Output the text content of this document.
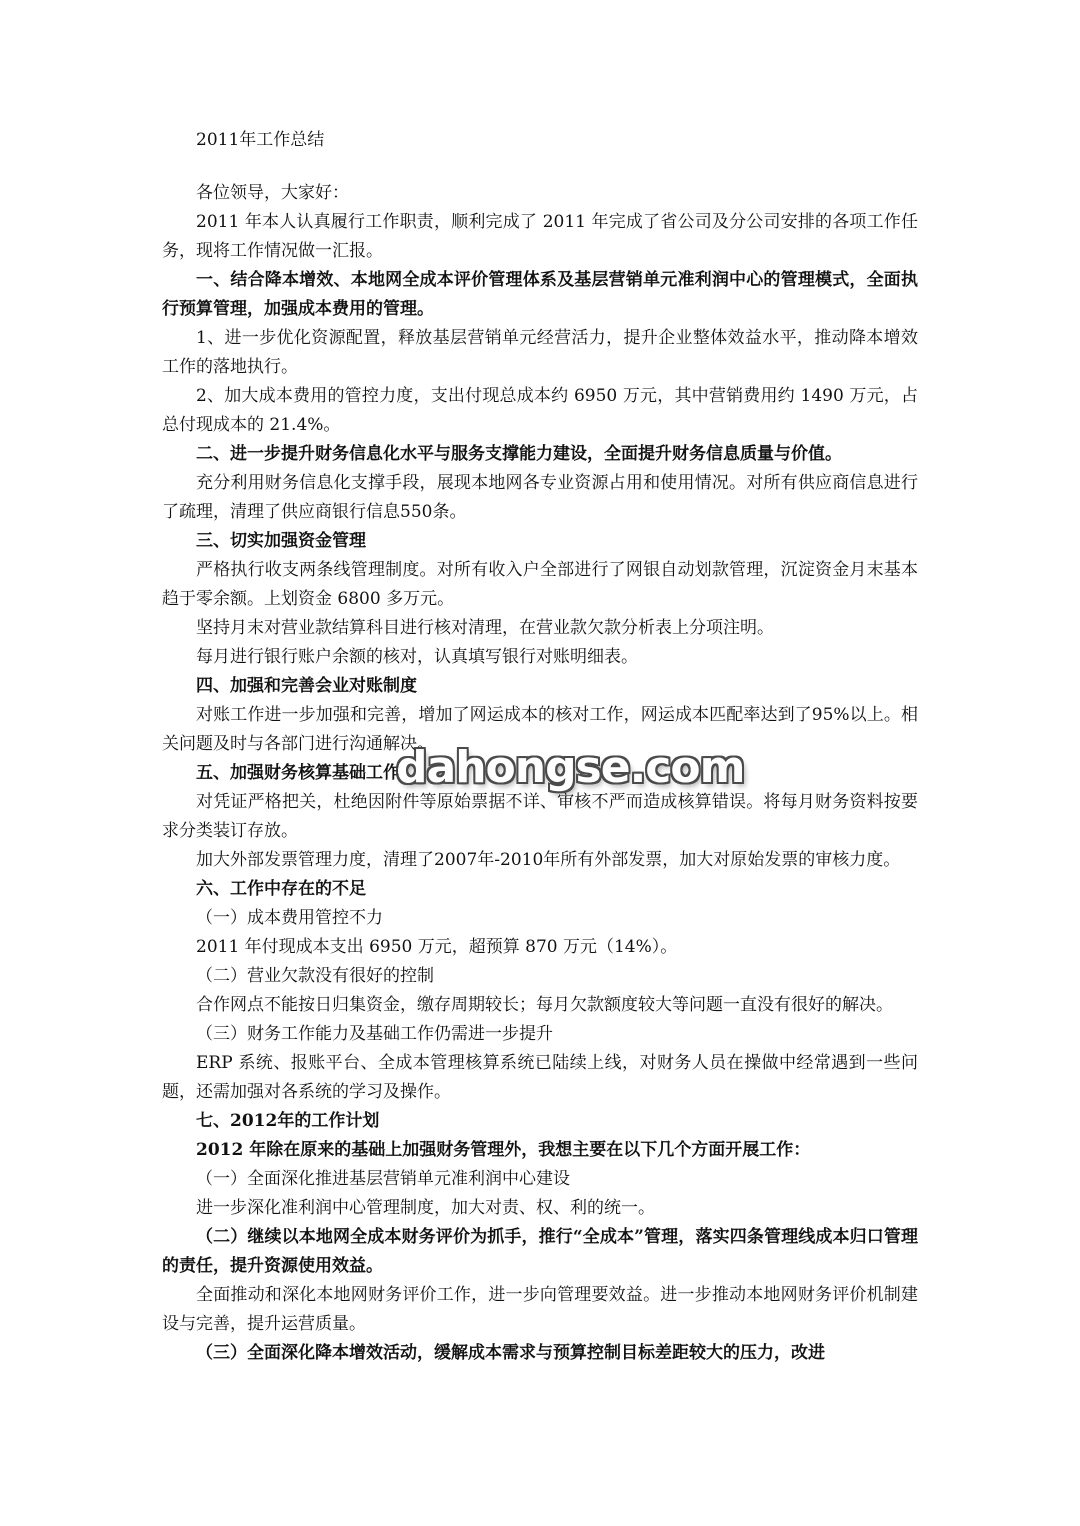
2011年工作总结

各位领导，大家好：

2011 年本人认真履行工作职责，顺利完成了 2011 年完成了省公司及分公司安排的各项工作任务，现将工作情况做一汇报。

一、结合降本增效、本地网全成本评价管理体系及基层营销单元准利润中心的管理模式，全面执行预算管理，加强成本费用的管理。

1、进一步优化资源配置，释放基层营销单元经营活力，提升企业整体效益水平，推动降本增效工作的落地执行。

2、加大成本费用的管控力度，支出付现总成本约 6950 万元，其中营销费用约 1490 万元，占总付现成本的 21.4%。

二、进一步提升财务信息化水平与服务支撑能力建设，全面提升财务信息质量与价值。

充分利用财务信息化支撑手段，展现本地网各专业资源占用和使用情况。对所有供应商信息进行了疏理，清理了供应商银行信息550条。

三、切实加强资金管理

严格执行收支两条线管理制度。对所有收入户全部进行了网银自动划款管理，沉淀资金月末基本趋于零余额。上划资金 6800 多万元。

坚持月末对营业款结算科目进行核对清理，在营业款欠款分析表上分项注明。

每月进行银行账户余额的核对，认真填写银行对账明细表。

四、加强和完善会业对账制度

对账工作进一步加强和完善，增加了网运成本的核对工作，网运成本匹配率达到了95%以上。相关问题及时与各部门进行沟通解决。

五、加强财务核算基础工作

对凭证严格把关，杜绝因附件等原始票据不详、审核不严而造成核算错误。将每月财务资料按要求分类装订存放。

加大外部发票管理力度，清理了2007年-2010年所有外部发票，加大对原始发票的审核力度。

六、工作中存在的不足

（一）成本费用管控不力

2011 年付现成本支出 6950 万元，超预算 870 万元（14%）。

（二）营业欠款没有很好的控制

合作网点不能按日归集资金，缴存周期较长；每月欠款额度较大等问题一直没有很好的解决。

（三）财务工作能力及基础工作仍需进一步提升

ERP 系统、报账平台、全成本管理核算系统已陆续上线，对财务人员在操做中经常遇到一些问题，还需加强对各系统的学习及操作。

七、2012年的工作计划

2012 年除在原来的基础上加强财务管理外，我想主要在以下几个方面开展工作：

（一）全面深化推进基层营销单元准利润中心建设

进一步深化准利润中心管理制度，加大对责、权、利的统一。

（二）继续以本地网全成本财务评价为抓手，推行“全成本”管理，落实四条管理线成本归口管理的责任，提升资源使用效益。

全面推动和深化本地网财务评价工作，进一步向管理要效益。进一步推动本地网财务评价机制建设与完善，提升运营质量。

（三）全面深化降本增效活动，缓解成本需求与预算控制目标差距较大的压力，改进

dahongse.com
